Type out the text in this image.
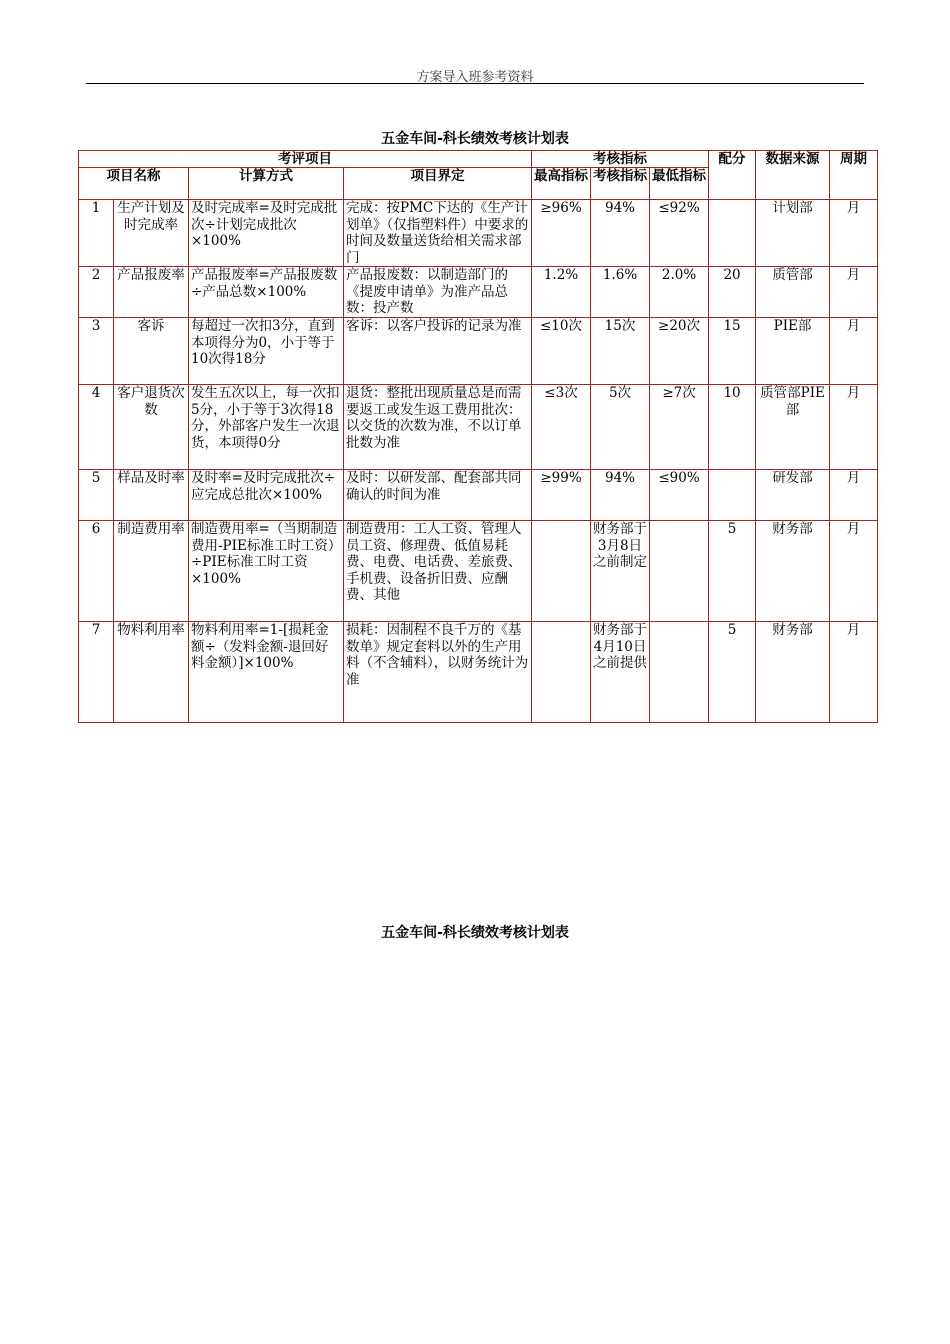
方案导入班参考资料
五金车间-科长绩效考核计划表
考评项目				考核指标			配分	数据来源	周期
项目名称		计算方式	项目界定	最高指标	考核指标	最低指标			
1	生产计划及时完成率	及时完成率=及时完成批次÷计划完成批次×100%	完成：按PMC下达的《生产计划单》（仅指塑料件）中要求的时间及数量送货给相关需求部门	≥96%	94%	≤92%		计划部	月
2	产品报废率	产品报废率=产品报废数÷产品总数×100%	产品报废数：以制造部门的《提废申请单》为准产品总数：投产数	1.2%	1.6%	2.0%	20	质管部	月
3	客诉	每超过一次扣3分，直到本项得分为0，小于等于10次得18分	客诉：以客户投诉的记录为准	≤10次	15次	≥20次	15	PIE部	月
4	客户退货次数	发生五次以上，每一次扣5分，小于等于3次得18分，外部客户发生一次退货，本项得0分	退货：整批出现质量总是而需要返工或发生返工费用批次：以交货的次数为准，不以订单批数为准	≤3次	5次	≥7次	10	质管部PIE部	月
5	样品及时率	及时率=及时完成批次÷应完成总批次×100%	及时：以研发部、配套部共同确认的时间为准	≥99%	94%	≤90%		研发部	月
6	制造费用率	制造费用率=（当期制造费用-PIE标准工时工资）÷PIE标准工时工资×100%	制造费用：工人工资、管理人员工资、修理费、低值易耗费、电费、电话费、差旅费、手机费、设备折旧费、应酬费、其他		财务部于3月8日之前制定		5	财务部	月
7	物料利用率	物料利用率=1-[损耗金额÷（发料金额-退回好料金额）]×100%	损耗：因制程不良千万的《基数单》规定套料以外的生产用料（不含辅料），以财务统计为准		财务部于4月10日之前提供		5	财务部	月
五金车间-科长绩效考核计划表
